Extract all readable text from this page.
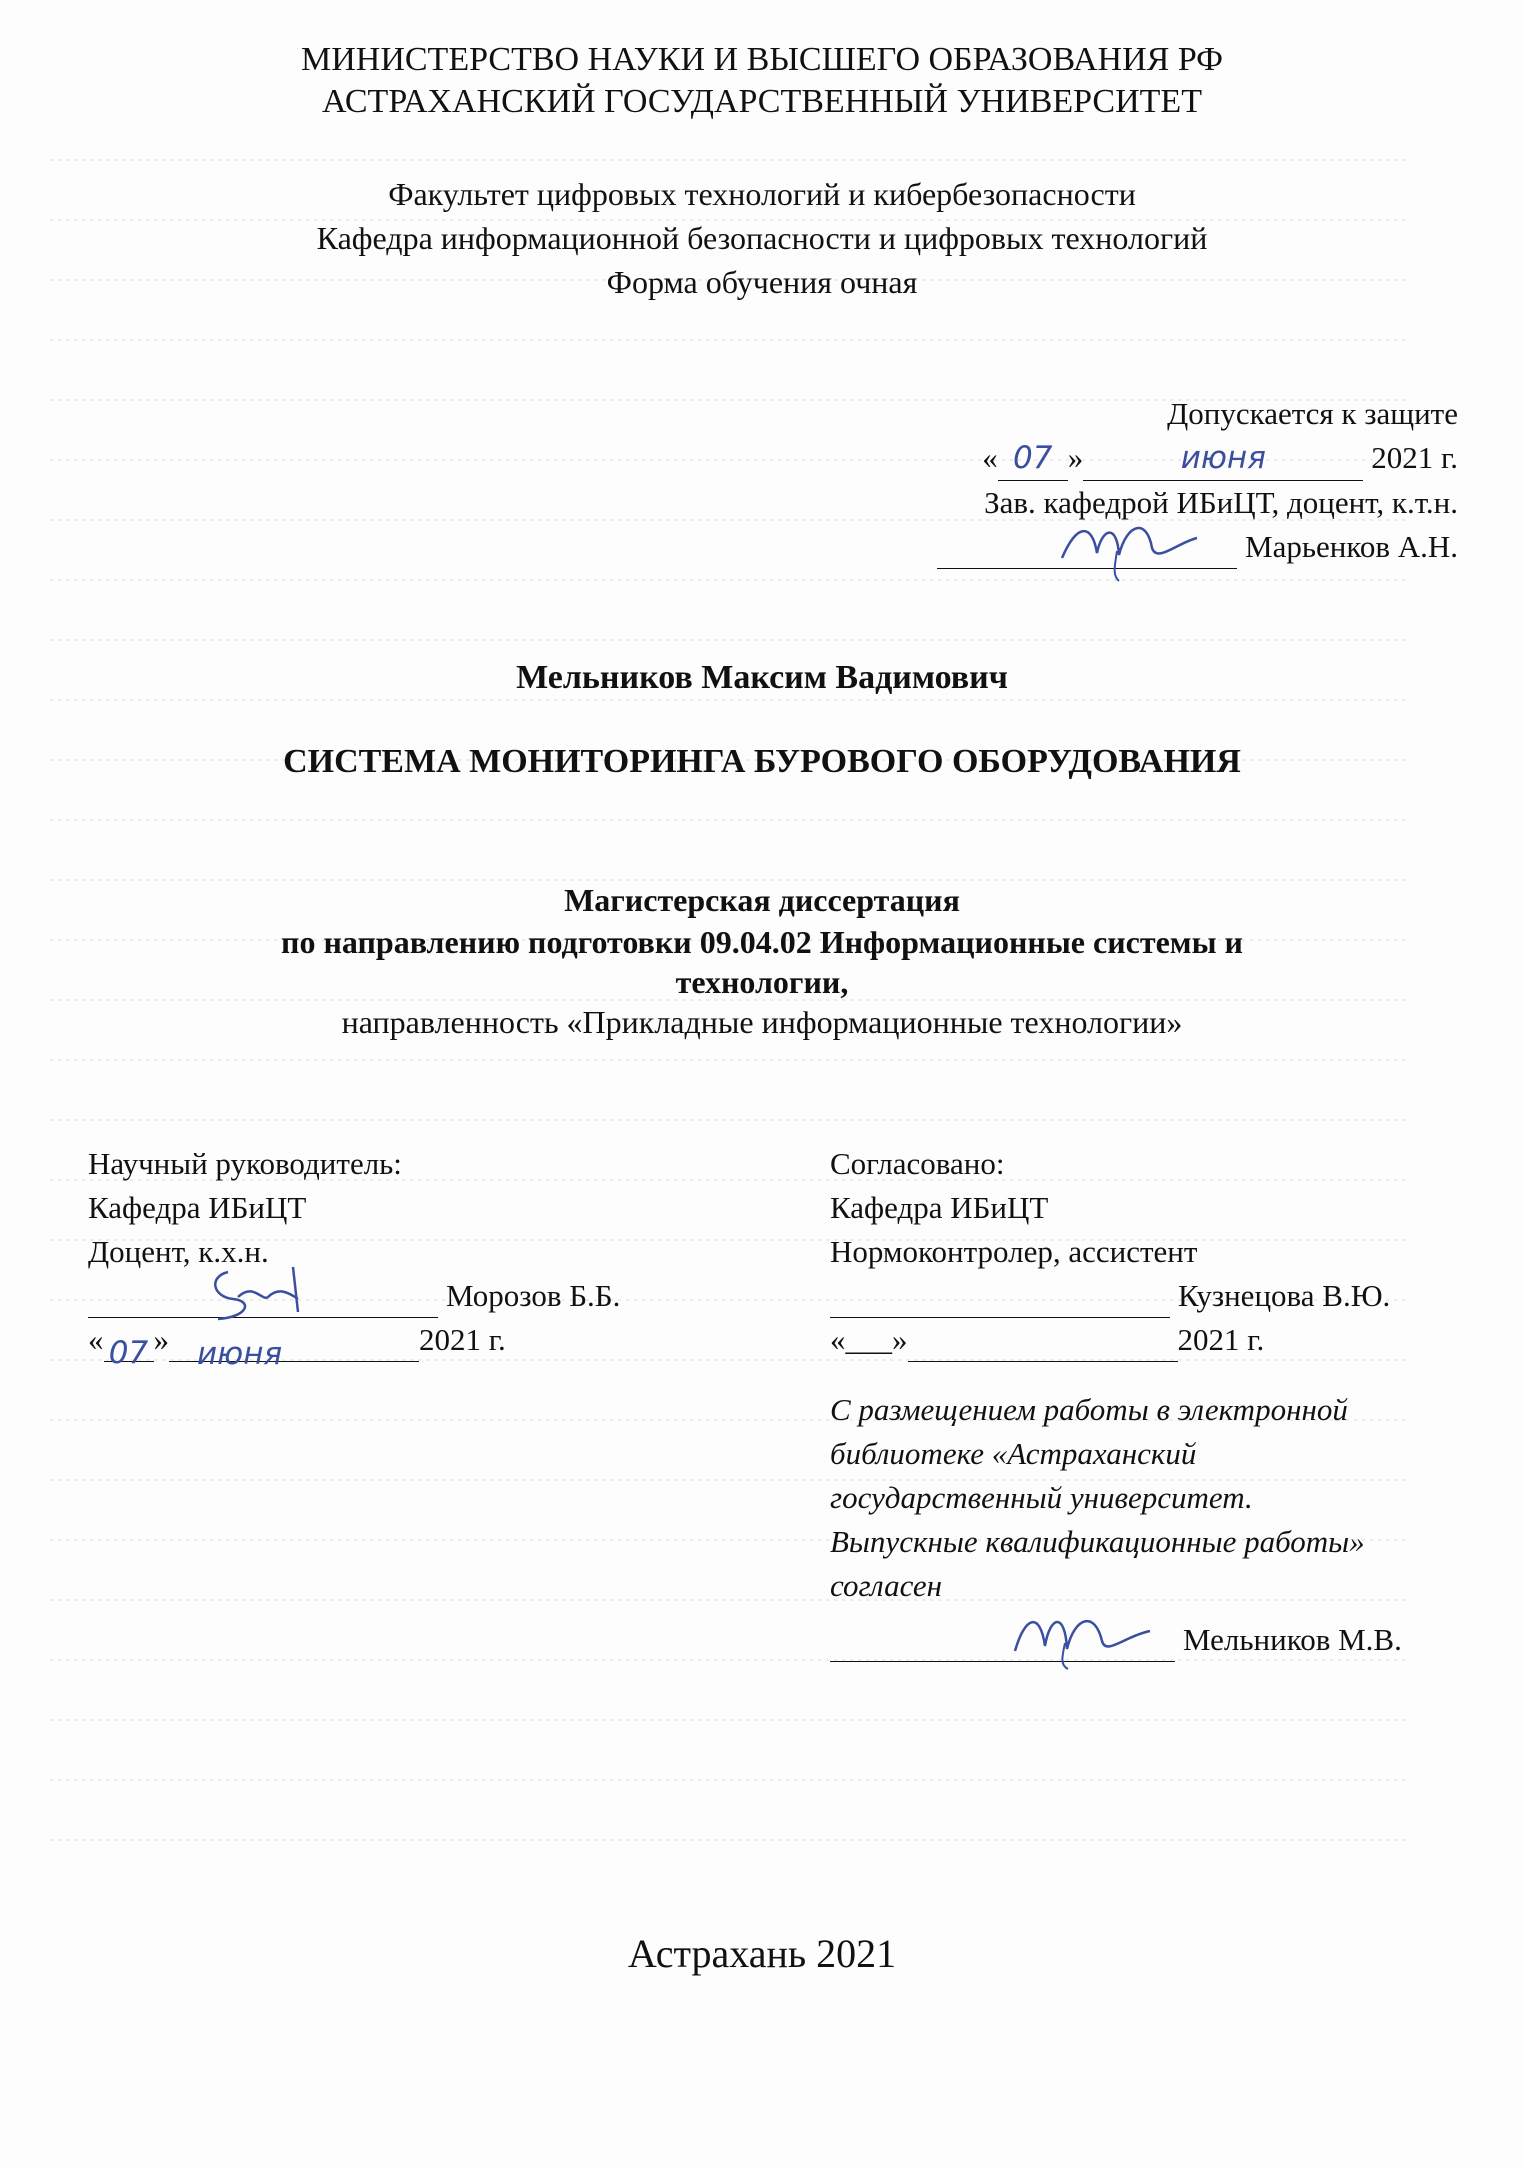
МИНИСТЕРСТВО НАУКИ И ВЫСШЕГО ОБРАЗОВАНИЯ РФ
АСТРАХАНСКИЙ ГОСУДАРСТВЕННЫЙ УНИВЕРСИТЕТ
Факультет цифровых технологий и кибербезопасности
Кафедра информационной безопасности и цифровых технологий
Форма обучения очная
Допускается к защите
« 07 »	июня	2021 г.
Зав. кафедрой ИБиЦТ, доцент, к.т.н.
Марьенков А.Н.
Мельников Максим Вадимович
СИСТЕМА МОНИТОРИНГА БУРОВОГО ОБОРУДОВАНИЯ
Магистерская диссертация
по направлению подготовки 09.04.02 Информационные системы и
технологии,
направленность «Прикладные информационные технологии»
Научный руководитель:
Кафедра ИБиЦТ
Доцент, к.х.н.
Морозов Б.Б.
« 07 » июня	2021 г.
Согласовано:
Кафедра ИБиЦТ
Нормоконтролер, ассистент
Кузнецова В.Ю.
«___»	2021 г.
С размещением работы в электронной
библиотеке «Астраханский
государственный университет.
Выпускные квалификационные работы»
согласен
Мельников М.В.
Астрахань 2021
